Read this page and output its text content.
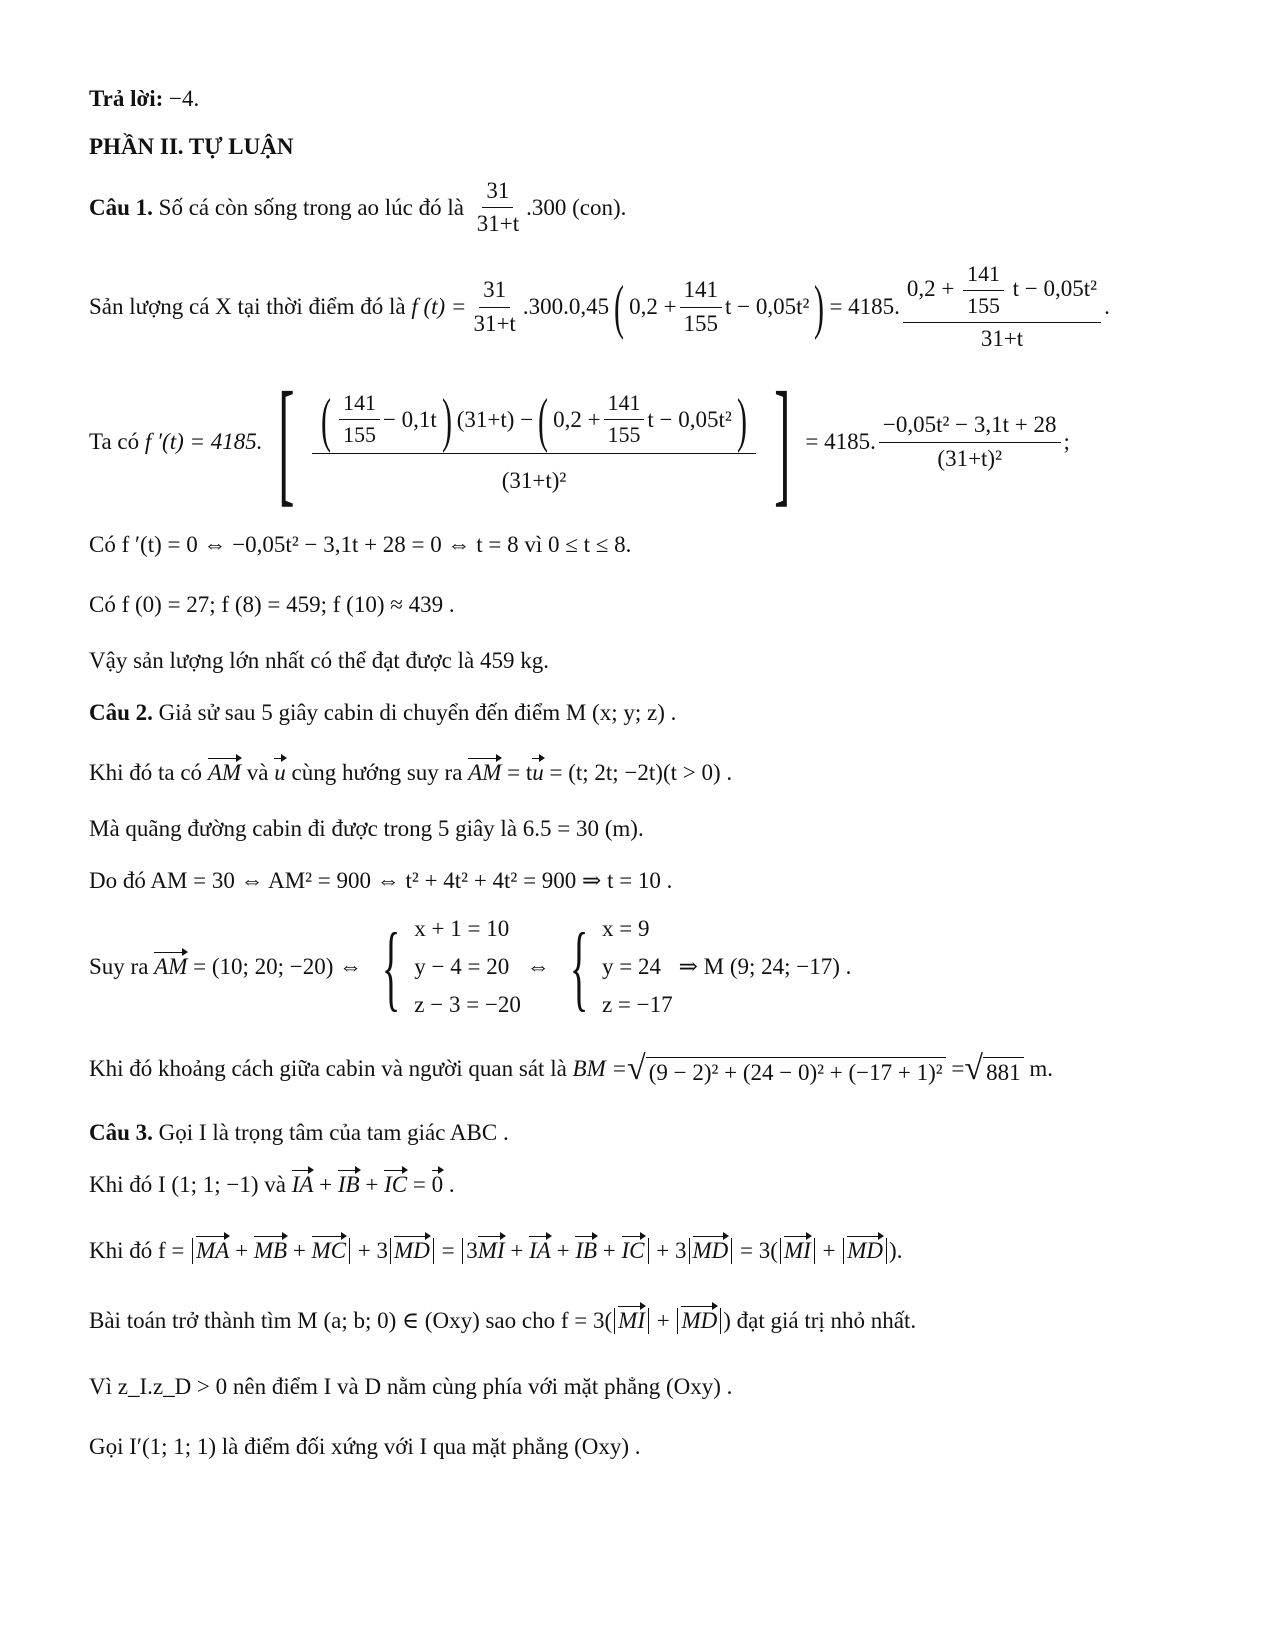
Trả lời:
−4.
PHẦN II. TỰ LUẬN
Câu 1.
Số cá còn sống trong ao lúc đó là
$\frac{31}{31+t} .300$ (con).
Sản lượng cá X tại thời điểm đó là
f $(t) = \frac{31}{31+t} .300.0,45$ ( $0,2 + \frac{141}{155}$ t − 0,05t² ) = 4185. $\frac{0,2 + \frac{141}{155} t - 0,05t^2}{31+t}$ .
Ta có
f ′(t) = 4185. [ ( $\frac{141}{155} - 0,1t$ ) (31+t) − ( $0,2 + \frac{141}{155}$ t − 0,05t² )
(31+t)² ] = 4185. $\frac{\text{−0,05t² − 3,1t + 28}}{\text{(31+t)²}}$ ;
Có f ′(t) = 0 ⇔ −0,05t² − 3,1t + 28 = 0 ⇔ t = 8 vì 0 ≤ t ≤ 8.
Có f (0) = 27; f (8) = 459; f (10) ≈ 439 .
Vậy sản lượng lớn nhất có thể đạt được là 459 kg.
Câu 2.
Giả sử sau 5 giây cabin di chuyển đến điểm M (x; y; z) .
Khi đó ta có
AM
và
u
cùng hướng suy ra
AM
= t u
= (t; 2t; −2t)(t > 0) .
Mà quãng đường cabin đi được trong 5 giây là 6.5 = 30 (m).
Do đó AM = 30 ⇔ AM² = 900 ⇔ t² + 4t² + 4t² = 900 ⇒ t = 10 .
Suy ra
AM
= (10; 20; −20) ⇔ { x + 1 = 10
y − 4 = 20
z − 3 = −20
⇔ { x = 9
y = 24
z = −17
⇒ M (9; 24; −17) .
Khi đó khoảng cách giữa cabin và người quan sát là
BM = √ (9 − 2)² + (24 − 0)² + (−17 + 1)²
= √ 881
m.
Câu 3.
Gọi I là trọng tâm của tam giác ABC .
Khi đó I (1; 1; −1) và
IA + IB + IC = 0 .
Khi đó f =
MA + MB + MC + 3 MD = 3MI + IA + IB + IC + 3 MD = 3 ( MI + MD ).
Bài toán trở thành tìm M (a; b; 0) ∈ (Oxy) sao cho f = 3 ( MI + MD ) đạt giá trị nhỏ nhất.
Vì z_I.z_D > 0 nên điểm I và D nằm cùng phía với mặt phẳng (Oxy) .
Gọi I′(1; 1; 1) là điểm đối xứng với I qua mặt phẳng (Oxy) .
